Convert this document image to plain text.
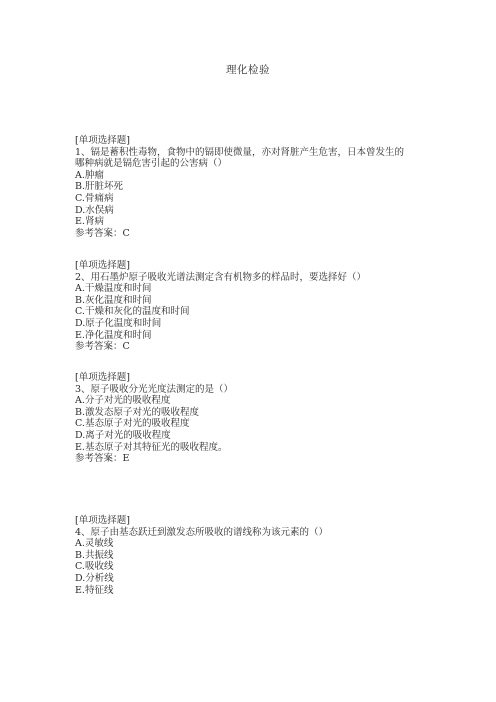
理化检验
[单项选择题]
1、镉是蓄积性毒物，食物中的镉即使微量，亦对肾脏产生危害，日本曾发生的
哪种病就是镉危害引起的公害病（）
A.肿瘤
B.肝脏坏死
C.骨痛病
D.水俣病
E.肾病
参考答案：C
[单项选择题]
2、用石墨炉原子吸收光谱法测定含有机物多的样品时，要选择好（）
A.干燥温度和时间
B.灰化温度和时间
C.干燥和灰化的温度和时间
D.原子化温度和时间
E.净化温度和时间
参考答案：C
[单项选择题]
3、原子吸收分光光度法测定的是（）
A.分子对光的吸收程度
B.激发态原子对光的吸收程度
C.基态原子对光的吸收程度
D.离子对光的吸收程度
E.基态原子对其特征光的吸收程度。
参考答案：E
[单项选择题]
4、原子由基态跃迁到激发态所吸收的谱线称为该元素的（）
A.灵敏线
B.共振线
C.吸收线
D.分析线
E.特征线
